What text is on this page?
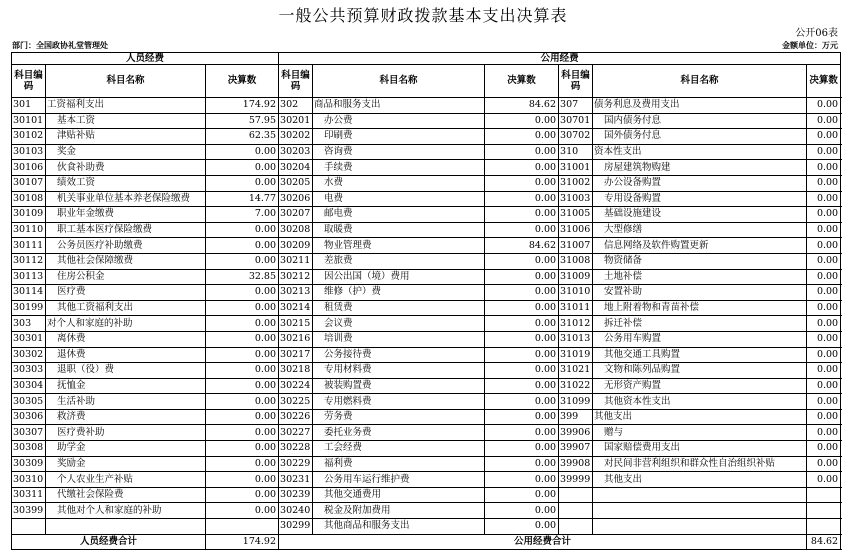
一般公共预算财政拨款基本支出决算表
公开06表
部门：全国政协礼堂管理处	金额单位：万元
人员经费			公用经费					
科目编码	科目名称	决算数	科目编码	科目名称	决算数	科目编码	科目名称	决算数
301	工资福利支出	174.92	302	商品和服务支出	84.62	307	债务利息及费用支出	0.00
30101	基本工资	57.95	30201	办公费	0.00	30701	国内债务付息	0.00
30102	津贴补贴	62.35	30202	印刷费	0.00	30702	国外债务付息	0.00
30103	奖金	0.00	30203	咨询费	0.00	310	资本性支出	0.00
30106	伙食补助费	0.00	30204	手续费	0.00	31001	房屋建筑物购建	0.00
30107	绩效工资	0.00	30205	水费	0.00	31002	办公设备购置	0.00
30108	机关事业单位基本养老保险缴费	14.77	30206	电费	0.00	31003	专用设备购置	0.00
30109	职业年金缴费	7.00	30207	邮电费	0.00	31005	基础设施建设	0.00
30110	职工基本医疗保险缴费	0.00	30208	取暖费	0.00	31006	大型修缮	0.00
30111	公务员医疗补助缴费	0.00	30209	物业管理费	84.62	31007	信息网络及软件购置更新	0.00
30112	其他社会保障缴费	0.00	30211	差旅费	0.00	31008	物资储备	0.00
30113	住房公积金	32.85	30212	因公出国（境）费用	0.00	31009	土地补偿	0.00
30114	医疗费	0.00	30213	维修（护）费	0.00	31010	安置补助	0.00
30199	其他工资福利支出	0.00	30214	租赁费	0.00	31011	地上附着物和青苗补偿	0.00
303	对个人和家庭的补助	0.00	30215	会议费	0.00	31012	拆迁补偿	0.00
30301	离休费	0.00	30216	培训费	0.00	31013	公务用车购置	0.00
30302	退休费	0.00	30217	公务接待费	0.00	31019	其他交通工具购置	0.00
30303	退职（役）费	0.00	30218	专用材料费	0.00	31021	文物和陈列品购置	0.00
30304	抚恤金	0.00	30224	被装购置费	0.00	31022	无形资产购置	0.00
30305	生活补助	0.00	30225	专用燃料费	0.00	31099	其他资本性支出	0.00
30306	救济费	0.00	30226	劳务费	0.00	399	其他支出	0.00
30307	医疗费补助	0.00	30227	委托业务费	0.00	39906	赠与	0.00
30308	助学金	0.00	30228	工会经费	0.00	39907	国家赔偿费用支出	0.00
30309	奖励金	0.00	30229	福利费	0.00	39908	对民间非营利组织和群众性自治组织补贴	0.00
30310	个人农业生产补贴	0.00	30231	公务用车运行维护费	0.00	39999	其他支出	0.00
30311	代缴社会保险费	0.00	30239	其他交通费用	0.00			
30399	其他对个人和家庭的补助	0.00	30240	税金及附加费用	0.00			
			30299	其他商品和服务支出	0.00			
人员经费合计		174.92	公用经费合计					84.62
